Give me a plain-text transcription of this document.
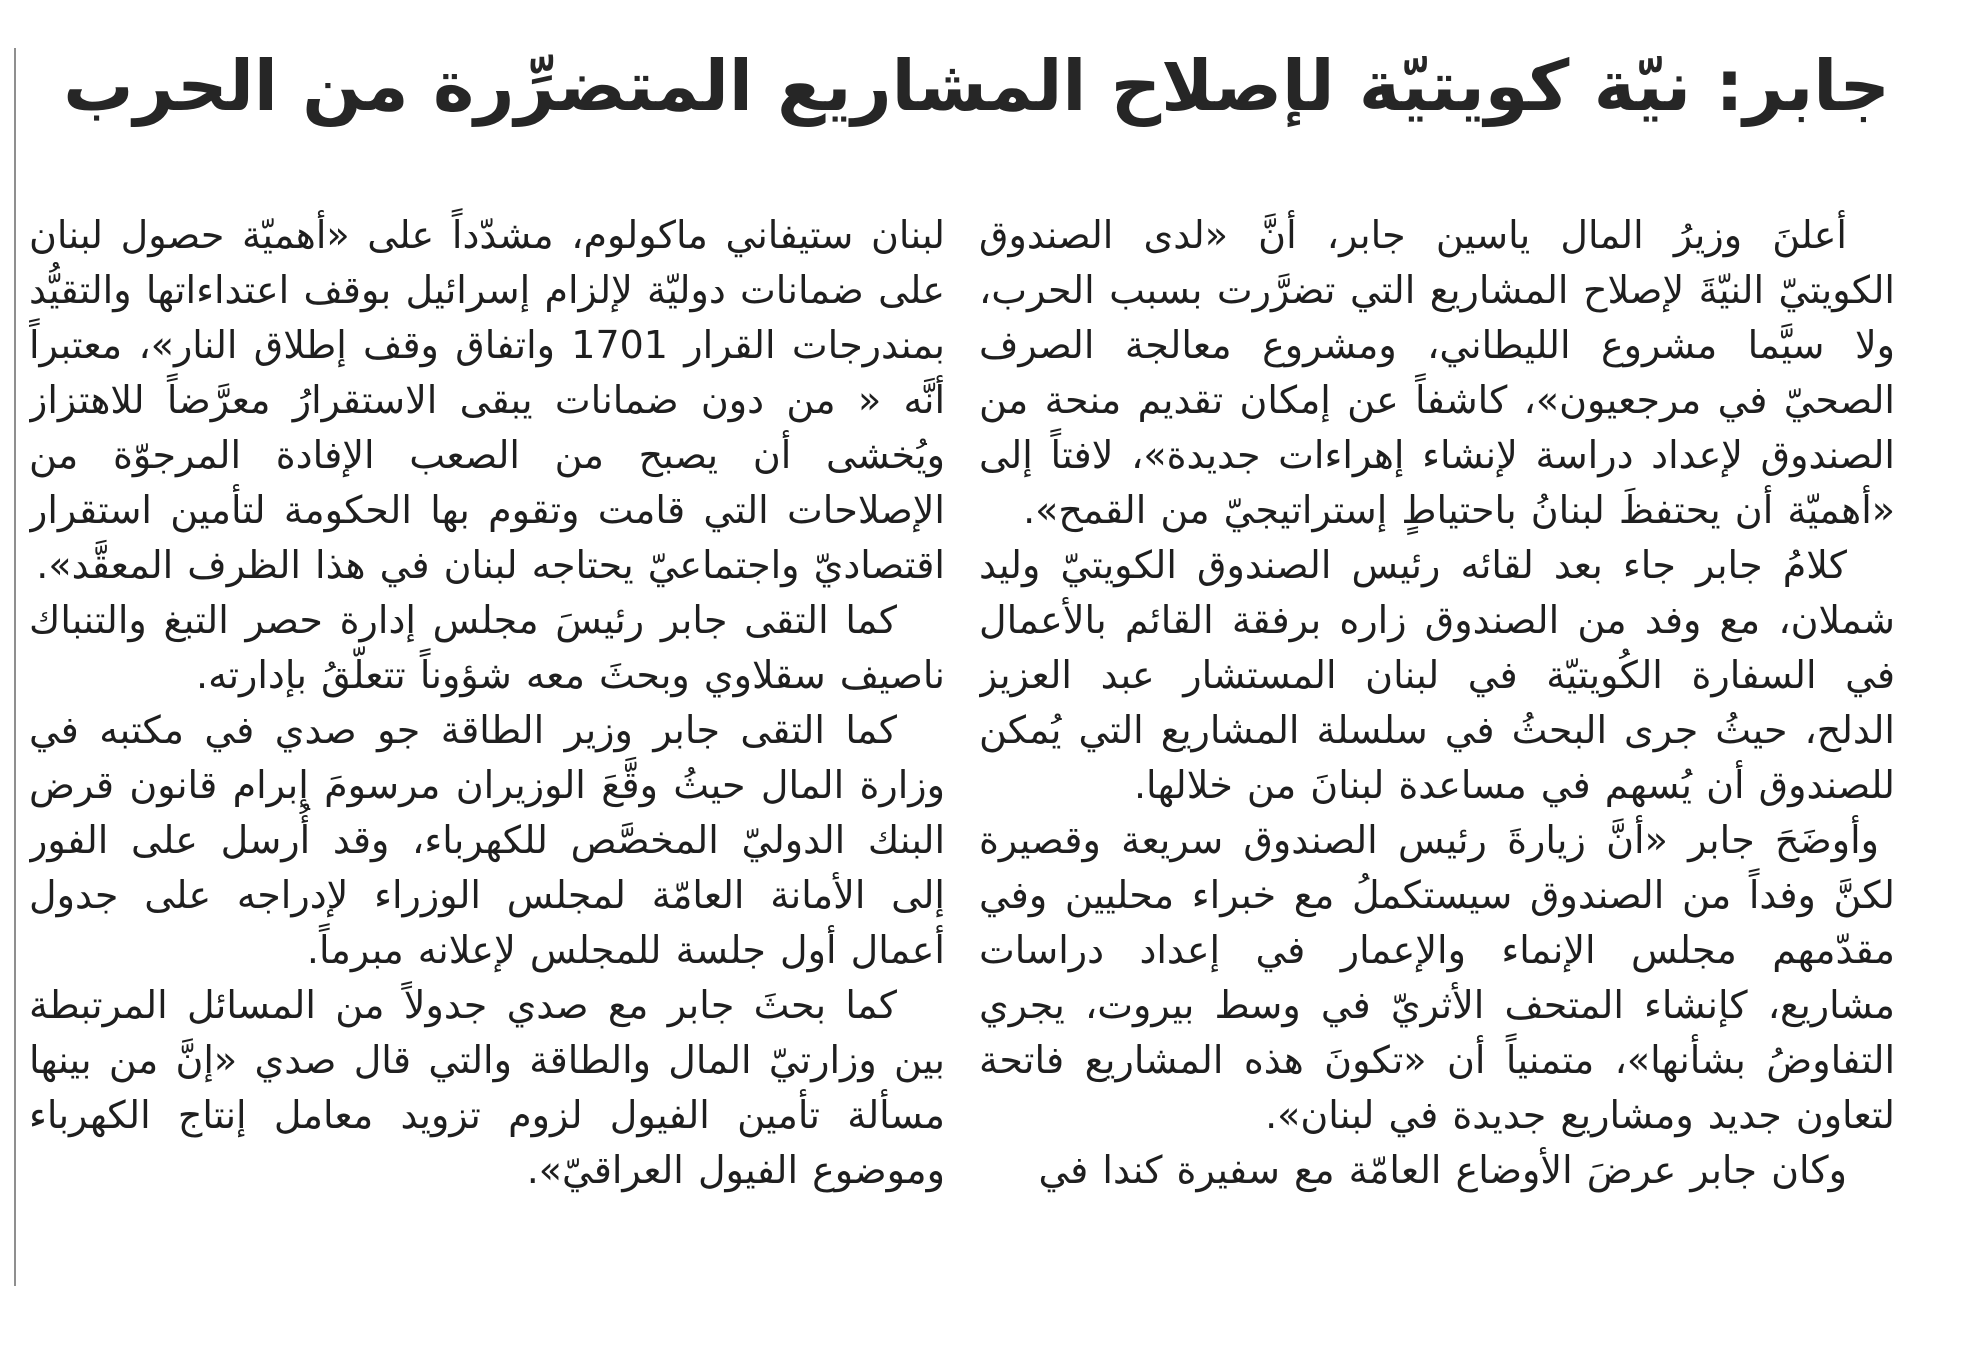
جابر: نيّة كويتيّة لإصلاح المشاريع المتضرِّرة من الحرب

أعلنَ وزيرُ المال ياسين جابر، أنَّ «لدى الصندوق الكويتيّ النيّةَ لإصلاح المشاريع التي تضرَّرت بسبب الحرب، ولا سيَّما مشروع الليطاني، ومشروع معالجة الصرف الصحيّ في مرجعيون»، كاشفاً عن إمكان تقديم منحة من الصندوق لإعداد دراسة لإنشاء إهراءات جديدة»، لافتاً إلى «أهميّة أن يحتفظَ لبنانُ باحتياطٍ إستراتيجيّ من القمح».

كلامُ جابر جاء بعد لقائه رئيس الصندوق الكويتيّ وليد شملان، مع وفد من الصندوق زاره برفقة القائم بالأعمال في السفارة الكُويتيّة في لبنان المستشار عبد العزيز الدلح، حيثُ جرى البحثُ في سلسلة المشاريع التي يُمكن للصندوق أن يُسهم في مساعدة لبنانَ من خلالها.

وأوضَحَ جابر «أنَّ زيارةَ رئيس الصندوق سريعة وقصيرة لكنَّ وفداً من الصندوق سيستكملُ مع خبراء محليين وفي مقدّمهم مجلس الإنماء والإعمار في إعداد دراسات مشاريع، كإنشاء المتحف الأثريّ في وسط بيروت، يجري التفاوضُ بشأنها»، متمنياً أن «تكونَ هذه المشاريع فاتحة لتعاون جديد ومشاريع جديدة في لبنان».

وكان جابر عرضَ الأوضاع العامّة مع سفيرة كندا في

لبنان ستيفاني ماكولوم، مشدّداً على «أهميّة حصول لبنان على ضمانات دوليّة لإلزام إسرائيل بوقف اعتداءاتها والتقيُّد بمندرجات القرار 1701 واتفاق وقف إطلاق النار»، معتبراً أنَّه « من دون ضمانات يبقى الاستقرارُ معرَّضاً للاهتزاز ويُخشى أن يصبح من الصعب الإفادة المرجوّة من الإصلاحات التي قامت وتقوم بها الحكومة لتأمين استقرار اقتصاديّ واجتماعيّ يحتاجه لبنان في هذا الظرف المعقَّد».

كما التقى جابر رئيسَ مجلس إدارة حصر التبغ والتنباك ناصيف سقلاوي وبحثَ معه شؤوناً تتعلّقُ بإدارته.

كما التقى جابر وزير الطاقة جو صدي في مكتبه في وزارة المال حيثُ وقَّعَ الوزيران مرسومَ إبرام قانون قرض البنك الدوليّ المخصَّص للكهرباء، وقد أُرسل على الفور إلى الأمانة العامّة لمجلس الوزراء لإدراجه على جدول أعمال أول جلسة للمجلس لإعلانه مبرماً.

كما بحثَ جابر مع صدي جدولاً من المسائل المرتبطة بين وزارتيّ المال والطاقة والتي قال صدي «إنَّ من بينها مسألة تأمين الفيول لزوم تزويد معامل إنتاج الكهرباء وموضوع الفيول العراقيّ».
